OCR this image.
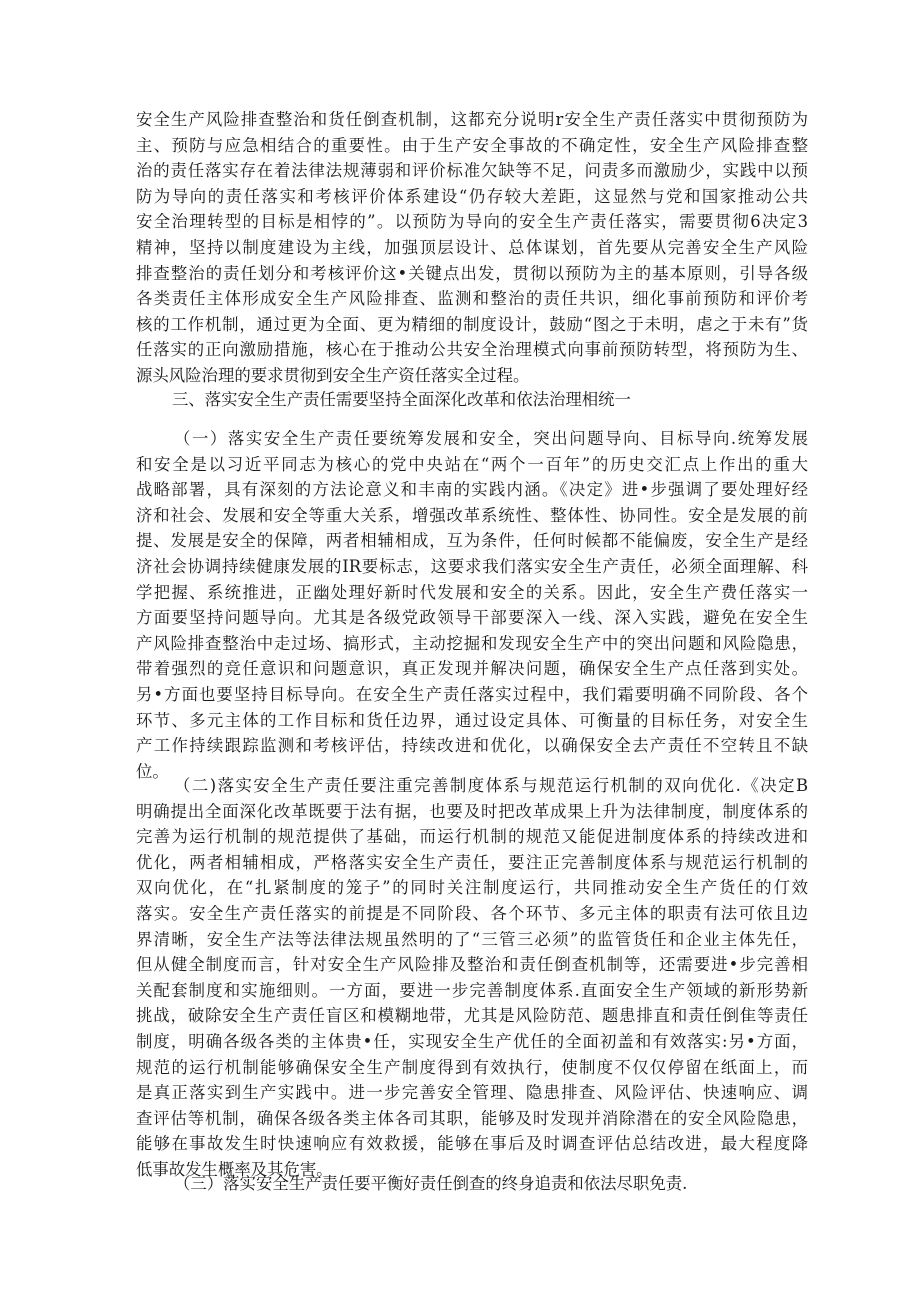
安全生产风险排查整治和货任倒查机制，这都充分说明r安全生产责任落实中贯彻预防为
主、预防与应急相结合的重要性。由于生产安全事故的不确定性，安全生产风险排查整
治的责任落实存在着法律法规薄弱和评价标准欠缺等不足，问责多而激励少，实践中以预
防为导向的责任落实和考核评价体系建设“仍存较大差距，这显然与党和国家推动公共
安全治理转型的目标是相悖的”。以预防为导向的安全生产责任落实，需要贯彻6决定3
精神，坚持以制度建设为主线，加强顶层设计、总体谋划，首先要从完善安全生产风险
排查整治的责任划分和考核评价这•关键点出发，贯彻以预防为主的基本原则，引导各级
各类责任主体形成安全生产风险排查、监测和整治的责任共识，细化事前预防和评价考
核的工作机制，通过更为全面、更为精细的制度设计，鼓励“图之于未明，虐之于未有”货
任落实的正向激励措施，核心在于推动公共安全治理模式向事前预防转型，将预防为生、
源头风险治理的要求贯彻到安全生产资任落实全过程。
三、落实安全生产责任需要坚持全面深化改革和依法治理相统一
（一）落实安全生产责任要统筹发展和安全，突出问题导向、目标导向.统筹发展
和安全是以习近平同志为核心的党中央站在“两个一百年”的历史交汇点上作出的重大
战略部署，具有深刻的方法论意义和丰南的实践内涵。《决定》进•步强调了要处理好经
济和社会、发展和安全等重大关系，增强改革系统性、整体性、协同性。安全是发展的前
提、发展是安全的保障，两者相辅相成，互为条件，任何时候都不能偏废，安全生产是经
济社会协调持续健康发展的IR要标志，这要求我们落实安全生产责任，必须全面理解、科
学把握、系统推进，正幽处理好新时代发展和安全的关系。因此，安全生产费任落实一
方面要坚持问题导向。尤其是各级党政领导干部要深入一线、深入实践，避免在安全生
产风险排查整治中走过场、搞形式，主动挖掘和发现安全生产中的突出问题和风险隐患，
带着强烈的竞任意识和问题意识，真正发现并解决问题，确保安全生产点任落到实处。
另•方面也要坚持目标导向。在安全生产责任落实过程中，我们霜要明确不同阶段、各个
环节、多元主体的工作目标和货任边界，通过设定具体、可衡量的目标任务，对安全生
产工作持续跟踪监测和考核评估，持续改进和优化，以确保安全去产责任不空转且不缺
位。
（二)落实安全生产责任要注重完善制度体系与规范运行机制的双向优化.《决定B
明确提出全面深化改革既要于法有据，也要及时把改革成果上升为法律制度，制度体系的
完善为运行机制的规范提供了基础，而运行机制的规范又能促进制度体系的持续改进和
优化，两者相辅相成，严格落实安全生产责任，要注正完善制度体系与规范运行机制的
双向优化，在“扎紧制度的笼子”的同时关注制度运行，共同推动安全生产货任的仃效
落实。安全生产责任落实的前提是不同阶段、各个环节、多元主体的职责有法可依且边
界清晰，安全生产法等法律法规虽然明的了“三管三必须”的监管货任和企业主体先任，
但从健全制度而言，针对安全生产风险排及整治和责任倒查机制等，还需要进•步完善相
关配套制度和实施细则。一方面，要进一步完善制度体系.直面安全生产领域的新形势新
挑战，破除安全生产责任盲区和模糊地带，尤其是风险防范、题患排直和责任倒隹等责任
制度，明确各级各类的主体贵•任，实现安全生产优任的全面初盖和有效落实:另•方面，
规范的运行机制能够确保安全生产制度得到有效执行，使制度不仅仅停留在纸面上，而
是真正落实到生产实践中。进一步完善安全管理、隐患排查、风险评估、快速响应、调
查评估等机制，确保各级各类主体各司其职，能够及时发现并消除潜在的安全风险隐患，
能够在事故发生时快速响应有效救援，能够在事后及时调查评估总结改进，最大程度降
低事故发生概率及其危害。
（三）落实安全生产责任要平衡好责任倒查的终身追责和依法尽职免责.
